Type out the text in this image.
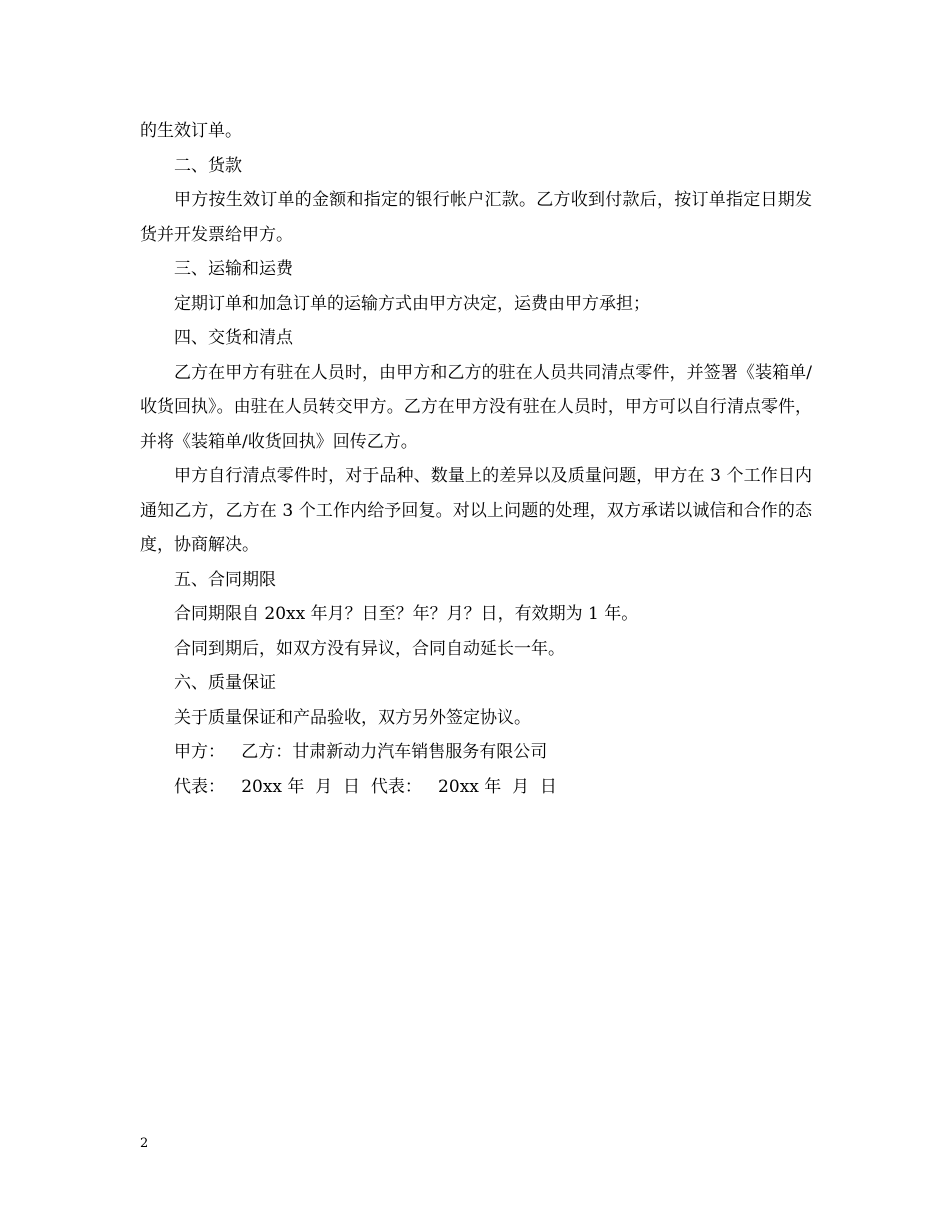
的生效订单。

二、货款

甲方按生效订单的金额和指定的银行帐户汇款。乙方收到付款后，按订单指定日期发货并开发票给甲方。

三、运输和运费

定期订单和加急订单的运输方式由甲方决定，运费由甲方承担；

四、交货和清点

乙方在甲方有驻在人员时，由甲方和乙方的驻在人员共同清点零件，并签署《装箱单/收货回执》。由驻在人员转交甲方。乙方在甲方没有驻在人员时，甲方可以自行清点零件，并将《装箱单/收货回执》回传乙方。

甲方自行清点零件时，对于品种、数量上的差异以及质量问题，甲方在 3 个工作日内通知乙方，乙方在 3 个工作内给予回复。对以上问题的处理，双方承诺以诚信和合作的态度，协商解决。

五、合同期限

合同期限自 20xx 年月？日至？年？月？日，有效期为 1 年。

合同到期后，如双方没有异议，合同自动延长一年。

六、质量保证

关于质量保证和产品验收，双方另外签定协议。

甲方：   乙方：甘肃新动力汽车销售服务有限公司

代表：   20xx 年  月  日  代表：   20xx 年  月  日

2
